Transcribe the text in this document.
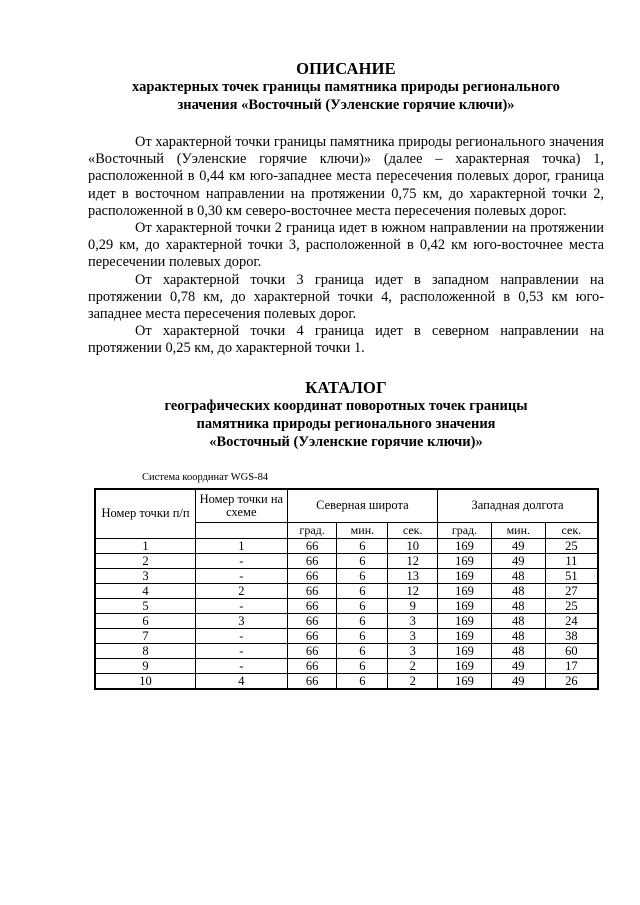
ОПИСАНИЕ
характерных точек границы памятника природы регионального
значения «Восточный (Уэленские горячие ключи)»

От характерной точки границы памятника природы регионального значения «Восточный (Уэленские горячие ключи)» (далее – характерная точка) 1, расположенной в 0,44 км юго-западнее места пересечения полевых дорог, граница идет в восточном направлении на протяжении 0,75 км, до характерной точки 2, расположенной в 0,30 км северо-восточнее места пересечения полевых дорог.

От характерной точки 2 граница идет в южном направлении на протяжении 0,29 км, до характерной точки 3, расположенной в 0,42 км юго-восточнее места пересечении полевых дорог.

От характерной точки 3 граница идет в западном направлении на протяжении 0,78 км, до характерной точки 4, расположенной в 0,53 км юго-западнее места пересечения полевых дорог.

От характерной точки 4 граница идет в северном направлении на протяжении 0,25 км, до характерной точки 1.

КАТАЛОГ
географических координат поворотных точек границы
памятника природы регионального значения
«Восточный (Уэленские горячие ключи)»
Система координат WGS-84
Номер точки п/п	Номер точки на схеме	Северная широта			Западная долгота		
		град.	мин.	сек.	град.	мин.	сек.
1	1	66	6	10	169	49	25
2	-	66	6	12	169	49	11
3	-	66	6	13	169	48	51
4	2	66	6	12	169	48	27
5	-	66	6	9	169	48	25
6	3	66	6	3	169	48	24
7	-	66	6	3	169	48	38
8	-	66	6	3	169	48	60
9	-	66	6	2	169	49	17
10	4	66	6	2	169	49	26
